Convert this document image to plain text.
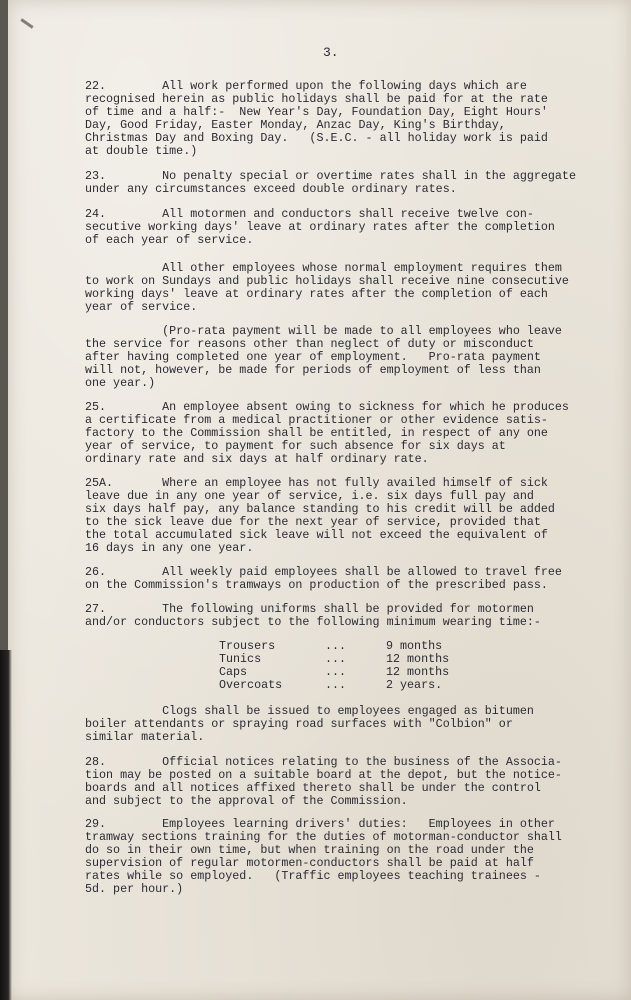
3.

22.        All work performed upon the following days which are

recognised herein as public holidays shall be paid for at the rate

of time and a half:-  New Year's Day, Foundation Day, Eight Hours'

Day, Good Friday, Easter Monday, Anzac Day, King's Birthday,

Christmas Day and Boxing Day.   (S.E.C. - all holiday work is paid

at double time.)

23.        No penalty special or overtime rates shall in the aggregate

under any circumstances exceed double ordinary rates.

24.        All motormen and conductors shall receive twelve con-

secutive working days' leave at ordinary rates after the completion

of each year of service.

All other employees whose normal employment requires them

to work on Sundays and public holidays shall receive nine consecutive

working days' leave at ordinary rates after the completion of each

year of service.

(Pro-rata payment will be made to all employees who leave

the service for reasons other than neglect of duty or misconduct

after having completed one year of employment.   Pro-rata payment

will not, however, be made for periods of employment of less than

one year.)

25.        An employee absent owing to sickness for which he produces

a certificate from a medical practitioner or other evidence satis-

factory to the Commission shall be entitled, in respect of any one

year of service, to payment for such absence for six days at

ordinary rate and six days at half ordinary rate.

25A.       Where an employee has not fully availed himself of sick

leave due in any one year of service, i.e. six days full pay and

six days half pay, any balance standing to his credit will be added

to the sick leave due for the next year of service, provided that

the total accumulated sick leave will not exceed the equivalent of

16 days in any one year.

26.        All weekly paid employees shall be allowed to travel free

on the Commission's tramways on production of the prescribed pass.

27.        The following uniforms shall be provided for motormen

and/or conductors subject to the following minimum wearing time:-

Trousers	...	9 months
Tunics	...	12 months
Caps	...	12 months
Overcoats	...	2 years.

Clogs shall be issued to employees engaged as bitumen

boiler attendants or spraying road surfaces with "Colbion" or

similar material.

28.        Official notices relating to the business of the Associa-

tion may be posted on a suitable board at the depot, but the notice-

boards and all notices affixed thereto shall be under the control

and subject to the approval of the Commission.

29.        Employees learning drivers' duties:   Employees in other

tramway sections training for the duties of motorman-conductor shall

do so in their own time, but when training on the road under the

supervision of regular motormen-conductors shall be paid at half

rates while so employed.   (Traffic employees teaching trainees -

5d. per hour.)
